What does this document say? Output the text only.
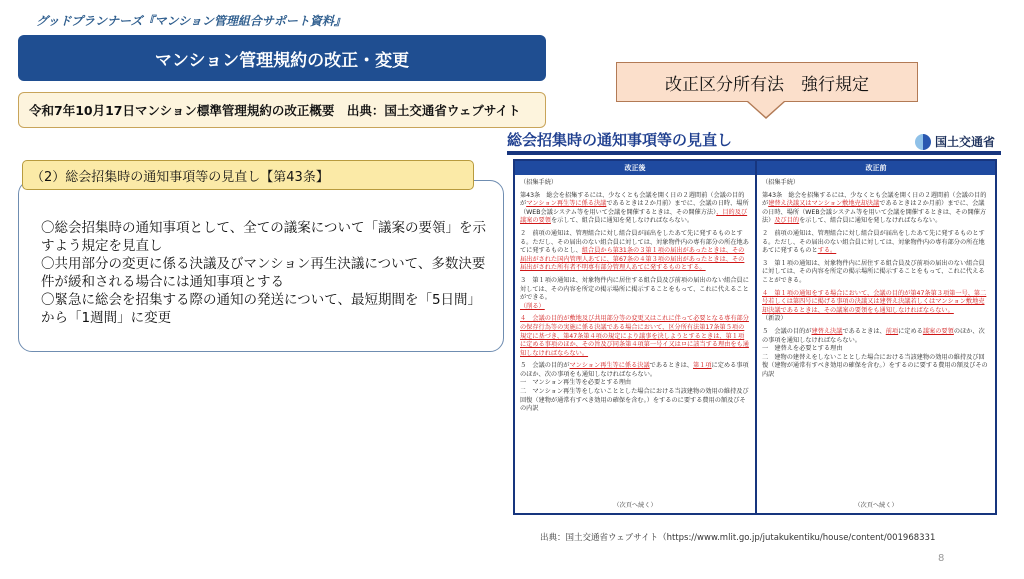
グッドプランナーズ『マンション管理組合サポート資料』
マンション管理規約の改正・変更
令和7年10月17日マンション標準管理規約の改正概要　出典：国土交通省ウェブサイト
〇総会招集時の通知事項として、全ての議案について「議案の要領」を示すよう規定を見直し
〇共用部分の変更に係る決議及びマンション再生決議について、多数決要件が緩和される場合には通知事項とする
〇緊急に総会を招集する際の通知の発送について、最短期間を「5日間」から「1週間」に変更
（2）総会招集時の通知事項等の見直し【第43条】
改正区分所有法　強行規定
総会招集時の通知事項等の見直し	国土交通省
改正後

（招集手続）

第43条　総会を招集するには、少なくとも会議を開く日の２週間前（会議の目的がマンション再生等に係る決議であるときは２か月前）までに、会議の日時、場所（WEB会議システム等を用いて会議を開催するときは、その開催方法）、目的及び議案の要領を示して、組合員に通知を発しなければならない。

２　前項の通知は、管理組合に対し組合員が届出をしたあて先に発するものとする。ただし、その届出のない組合員に対しては、対象物件内の専有部分の所在地あてに発するものとし、組合員から第31条の３第１項の届出があったときは、その届出がされた国内管理人あてに、第67条の４第３項の届出があったときは、その届出がされた所有者不明専有部分管理人あてに発するものとする。

３　第１項の通知は、対象物件内に居住する組合員及び前項の届出のない組合員に対しては、その内容を所定の掲示場所に掲示することをもって、これに代えることができる。
（削る）

４　会議の目的が敷地及び共用部分等の変更又はこれに伴って必要となる専有部分の保存行為等の実施に係る決議である場合において、区分所有法第17条第５項の規定に基づき、第47条第４項の規定により議事を決しようとするときは、第１項に定める事項のほか、その旨及び同条第４項第一号イ又はロに該当する理由をも通知しなければならない。

５　会議の目的がマンション再生等に係る決議であるときは、第１項に定める事項のほか、次の事項をも通知しなければならない。
一　マンション再生等を必要とする理由
二　マンション再生等をしないこととした場合における当該建物の効用の維持及び回復（建物が通常有すべき効用の確保を含む。）をするのに要する費用の額及びその内訳

（次頁へ続く）
改正前

（招集手続）

第43条　総会を招集するには、少なくとも会議を開く日の２週間前（会議の目的が建替え決議又はマンション敷地売却決議であるときは２か月前）までに、会議の日時、場所（WEB会議システム等を用いて会議を開催するときは、その開催方法）及び目的を示して、組合員に通知を発しなければならない。

２　前項の通知は、管理組合に対し組合員が届出をしたあて先に発するものとする。ただし、その届出のない組合員に対しては、対象物件内の専有部分の所在地あてに発するものとする。

３　第１項の通知は、対象物件内に居住する組合員及び前項の届出のない組合員に対しては、その内容を所定の掲示場所に掲示することをもって、これに代えることができる。

４　第１項の通知をする場合において、会議の目的が第47条第３項第一号、第二号若しくは第四号に掲げる事項の決議又は建替え決議若しくはマンション敷地売却決議であるときは、その議案の要領をも通知しなければならない。
（新設）

５　会議の目的が建替え決議であるときは、前項に定める議案の要領のほか、次の事項を通知しなければならない。
一　建替えを必要とする理由
二　建物の建替えをしないこととした場合における当該建物の効用の維持及び回復（建物が通常有すべき効用の確保を含む。）をするのに要する費用の額及びその内訳

（次頁へ続く）
出典：国土交通省ウェブサイト（https://www.mlit.go.jp/jutakukentiku/house/content/001968331
8
